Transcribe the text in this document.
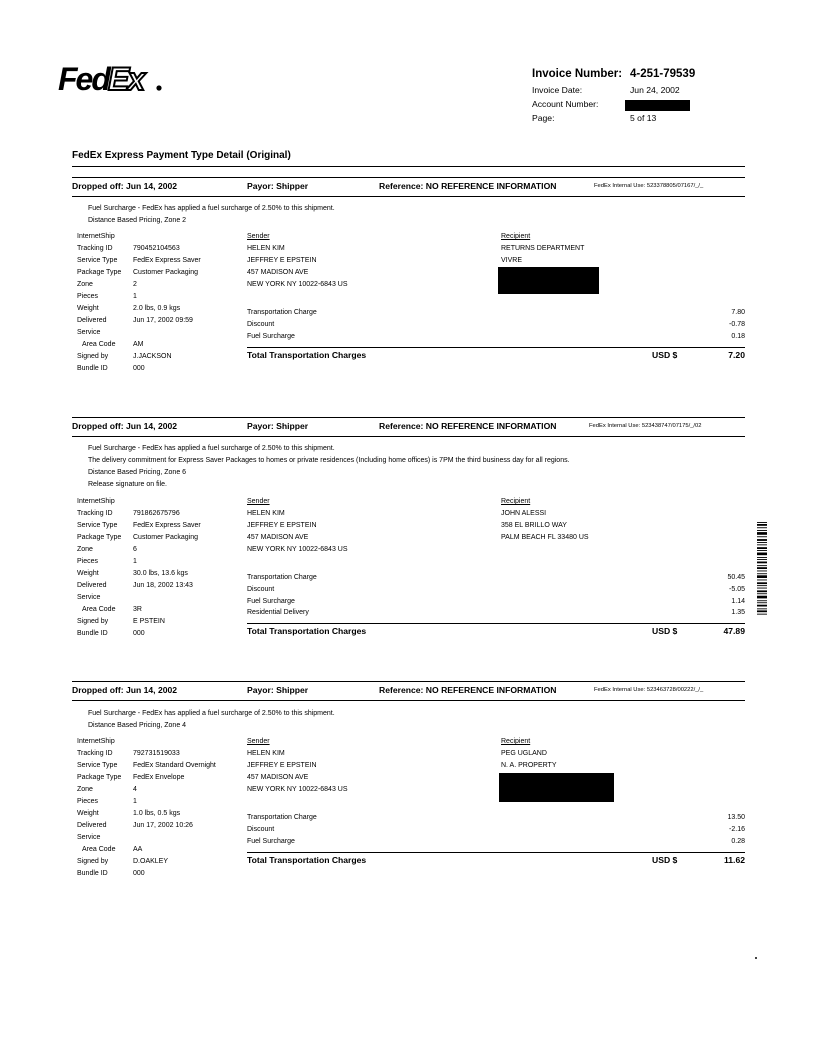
Fed Ex	Invoice Number: 4-251-79539
Invoice Date:	Jun 24, 2002
Account Number:
Page:	5 of 13
FedEx Express Payment Type Detail (Original)
Dropped off: Jun 14, 2002	Payor: Shipper	Reference: NO REFERENCE INFORMATION	FedEx Internal Use: 523378805/07167/_/_
Fuel Surcharge - FedEx has applied a fuel surcharge of 2.50% to this shipment.
Distance Based Pricing, Zone 2
InternetShip
Tracking ID	790452104563
Service Type FedEx Express Saver
Package Type Customer Packaging
Zone	2
Pieces	1
Weight	2.0 lbs, 0.9 kgs
Delivered	Jun 17, 2002 09:59
Service
Area Code	AM
Signed by	J.JACKSON
Bundle ID	000
Sender
HELEN KIM
JEFFREY E EPSTEIN
457 MADISON AVE
NEW YORK NY 10022-6843 US
Recipient
RETURNS DEPARTMENT
VIVRE
Transportation Charge	7.80
Discount	-0.78
Fuel Surcharge	0.18
Total Transportation Charges	USD $	7.20
Dropped off: Jun 14, 2002	Payor: Shipper	Reference: NO REFERENCE INFORMATION	FedEx Internal Use: 523438747/07175/_/02
Fuel Surcharge - FedEx has applied a fuel surcharge of 2.50% to this shipment.
The delivery commitment for Express Saver Packages to homes or private residences (Including home offices) is 7PM the third business day for all regions.
Distance Based Pricing, Zone 6
Release signature on file.
InternetShip
Tracking ID	791862675796
Service Type FedEx Express Saver
Package Type Customer Packaging
Zone	6
Pieces	1
Weight	30.0 lbs, 13.6 kgs
Delivered	Jun 18, 2002 13:43
Service
Area Code	3R
Signed by	E PSTEIN
Bundle ID	000
Sender
HELEN KIM
JEFFREY E EPSTEIN
457 MADISON AVE
NEW YORK NY 10022-6843 US
Recipient
JOHN ALESSI
358 EL BRILLO WAY
PALM BEACH FL 33480 US
Transportation Charge	50.45
Discount	-5.05
Fuel Surcharge	1.14
Residential Delivery	1.35
Total Transportation Charges	USD $	47.89
Dropped off: Jun 14, 2002	Payor: Shipper	Reference: NO REFERENCE INFORMATION	FedEx Internal Use: 523463728/00222/_/_
Fuel Surcharge - FedEx has applied a fuel surcharge of 2.50% to this shipment.
Distance Based Pricing, Zone 4
InternetShip
Tracking ID	792731519033
Service Type FedEx Standard Overnight
Package Type FedEx Envelope
Zone	4
Pieces	1
Weight	1.0 lbs, 0.5 kgs
Delivered	Jun 17, 2002 10:26
Service
Area Code	AA
Signed by	D.OAKLEY
Bundle ID	000
Sender
HELEN KIM
JEFFREY E EPSTEIN
457 MADISON AVE
NEW YORK NY 10022-6843 US
Recipient
PEG UGLAND
N. A. PROPERTY
Transportation Charge	13.50
Discount	-2.16
Fuel Surcharge	0.28
Total Transportation Charges	USD $	11.62
